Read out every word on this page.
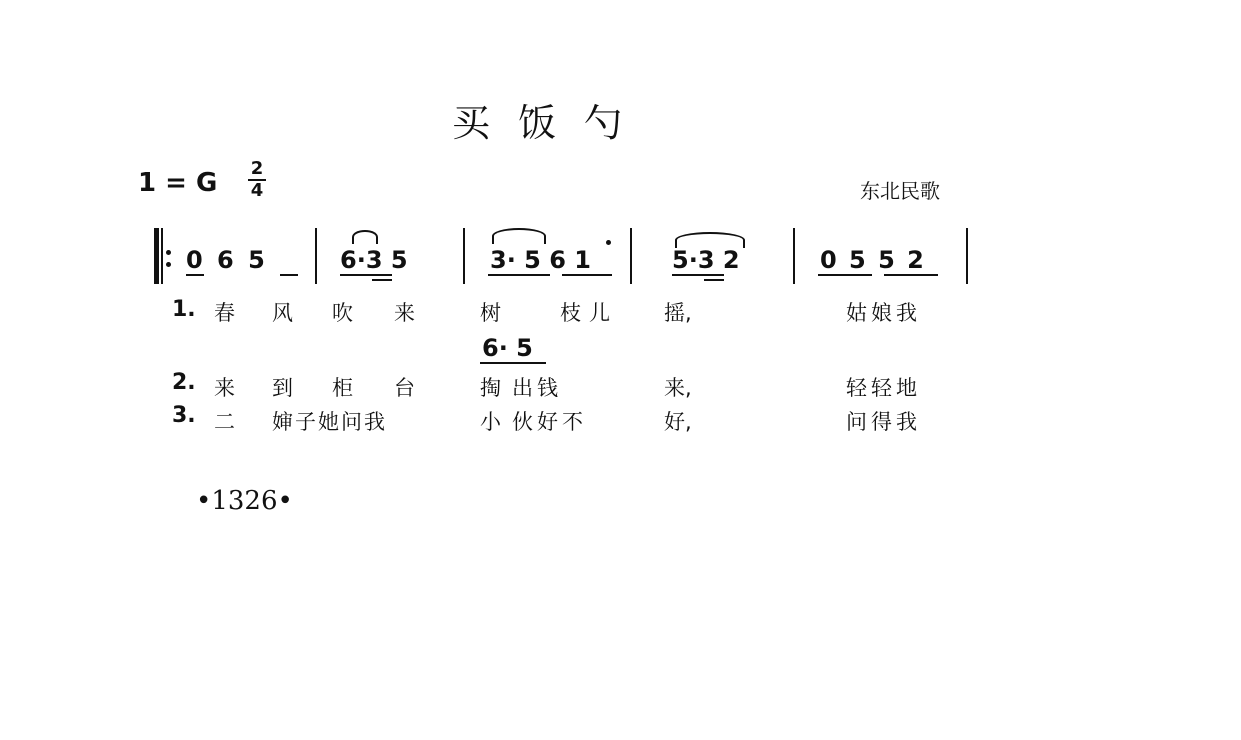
买饭勺
1 = G $\frac{2}{4}$	东北民歌
0 6 5	6·3 5	3· 5 6 1	5·3 2	0 5 5 2
1. 春 风 吹 来	树	枝儿 摇,	姑娘我
6· 5
2. 来 到 柜 台	掏 出钱	来,	轻轻地
3. 二 婶子她问我	小 伙好不	好,	问得我
•1326•
